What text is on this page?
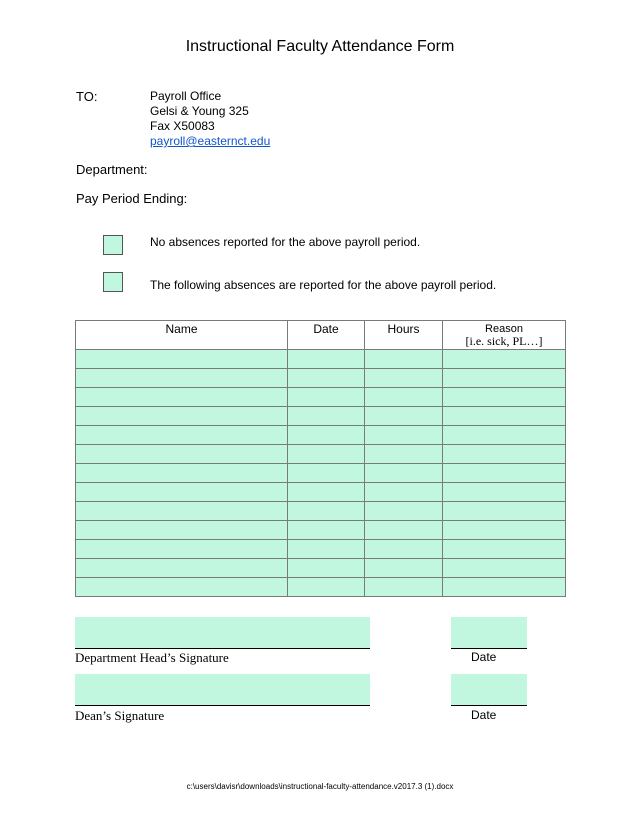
Instructional Faculty Attendance Form
TO:	Payroll Office
Gelsi & Young 325
Fax X50083
payroll@easternct.edu
Department:
Pay Period Ending:
No absences reported for the above payroll period.
The following absences are reported for the above payroll period.
Name	Date	Hours	Reason
[i.e. sick, PL…]

Department Head’s Signature	Date
Dean’s Signature	Date
c:\users\davisr\downloads\instructional-faculty-attendance.v2017.3 (1).docx
